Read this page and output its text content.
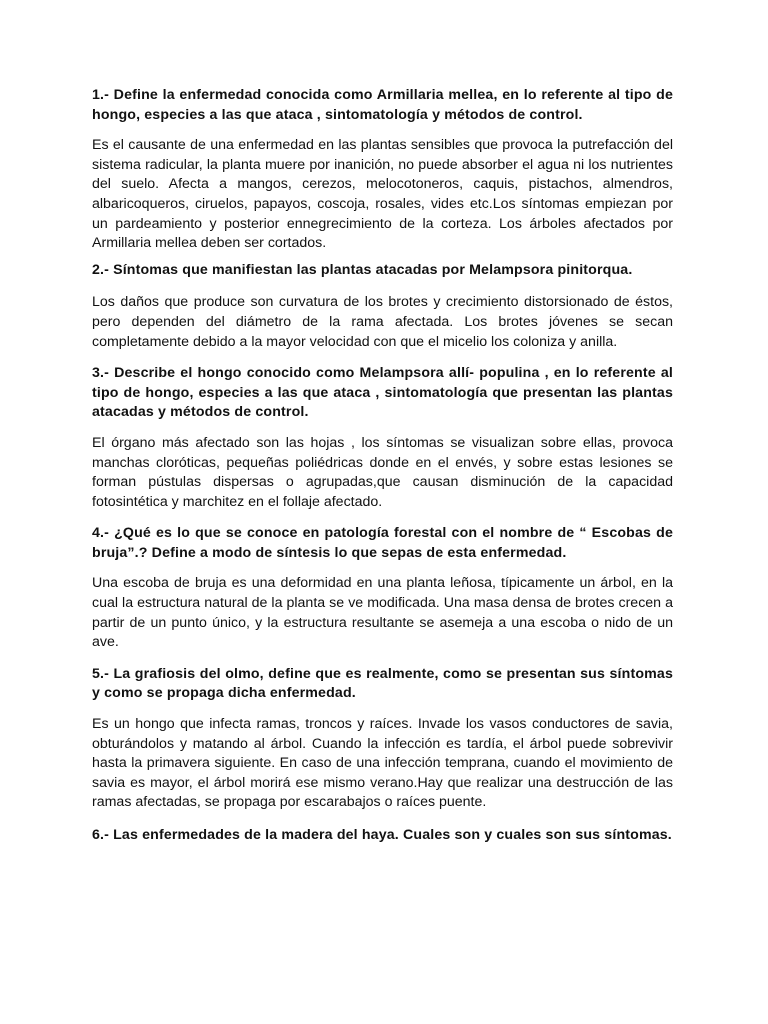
1.- Define la enfermedad conocida como Armillaria mellea, en lo referente al tipo de hongo, especies a las que ataca , sintomatología y métodos de control.

Es el causante de una enfermedad en las plantas sensibles que provoca la putrefacción del sistema radicular, la planta muere por inanición, no puede absorber el agua ni los nutrientes del suelo. Afecta a mangos, cerezos, melocotoneros, caquis, pistachos, almendros, albaricoqueros, ciruelos, papayos, coscoja, rosales, vides etc.Los síntomas empiezan por un pardeamiento y posterior ennegrecimiento de la corteza. Los árboles afectados por Armillaria mellea deben ser cortados.

2.- Síntomas que manifiestan las plantas atacadas por Melampsora pinitorqua.

Los daños que produce son curvatura de los brotes y crecimiento distorsionado de éstos, pero dependen del diámetro de la rama afectada. Los brotes jóvenes se secan completamente debido a la mayor velocidad con que el micelio los coloniza y anilla.

3.- Describe el hongo conocido como Melampsora allí- populina , en lo referente al tipo de hongo, especies a las que ataca , sintomatología que presentan las plantas atacadas y métodos de control.

El órgano más afectado son las hojas , los síntomas se visualizan sobre ellas, provoca manchas cloróticas, pequeñas poliédricas donde en el envés, y sobre estas lesiones se forman pústulas dispersas o agrupadas,que causan disminución de la capacidad fotosintética y marchitez en el follaje afectado.

4.- ¿Qué es lo que se conoce en patología forestal con el nombre de “ Escobas de bruja”.? Define a modo de síntesis lo que sepas de esta enfermedad.

Una escoba de bruja es una deformidad en una planta leñosa, típicamente un árbol, en la cual la estructura natural de la planta se ve modificada. Una masa densa de brotes crecen a partir de un punto único, y la estructura resultante se asemeja a una escoba o nido de un ave.

5.- La grafiosis del olmo, define que es realmente, como se presentan sus síntomas y como se propaga dicha enfermedad.

Es un hongo que infecta ramas, troncos y raíces. Invade los vasos conductores de savia, obturándolos y matando al árbol. Cuando la infección es tardía, el árbol puede sobrevivir hasta la primavera siguiente. En caso de una infección temprana, cuando el movimiento de savia es mayor, el árbol morirá ese mismo verano.Hay que realizar una destrucción de las ramas afectadas, se propaga por escarabajos o raíces puente.

6.- Las enfermedades de la madera del haya. Cuales son y cuales son sus síntomas.
